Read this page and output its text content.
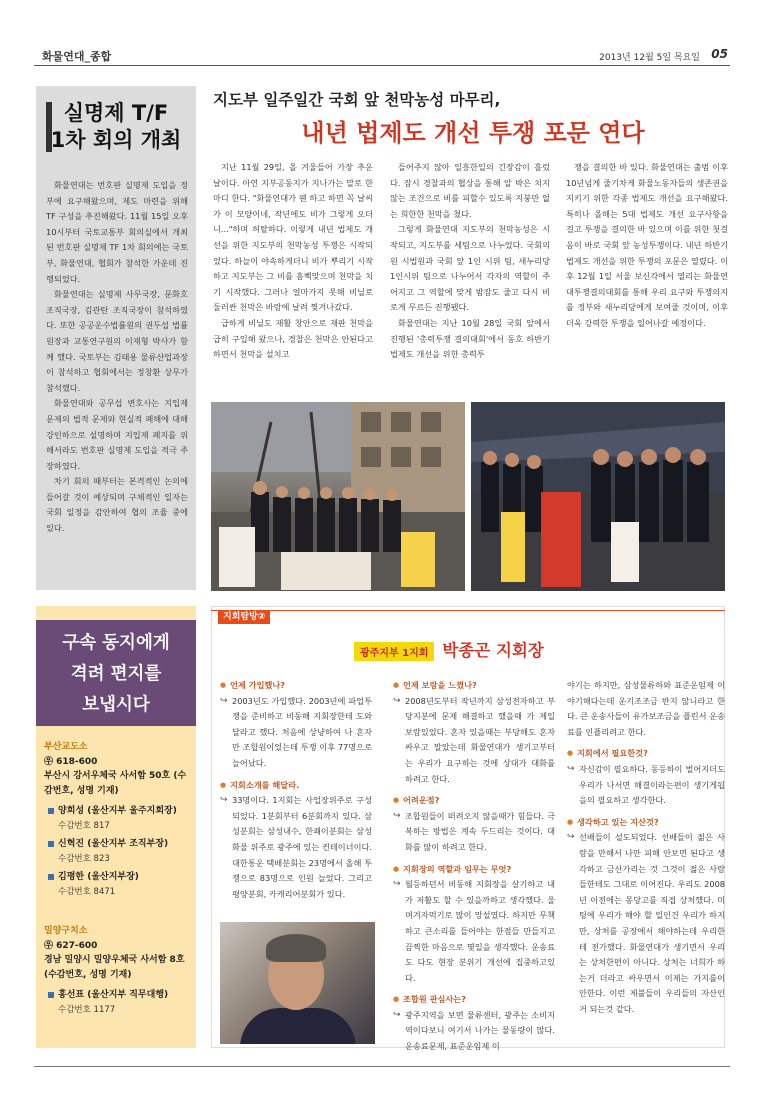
화물연대_종합	2013년 12월 5일 목요일 05
실명제 T/F
1차 회의 개최

화물연대는 번호판 실명제 도입을 정부에 요구해왔으며, 제도 마련을 위해 TF 구성을 추진해왔다. 11월 15일 오후 10시부터 국토교통부 회의실에서 개최된 번호판 실명제 TF 1차 회의에는 국토부, 화물연대, 협회가 참석한 가운데 진행되었다.

화물연대는 실명제 사무국장, 문화호 조직국장, 김관탄 조직국장이 참석하였다. 또한 공공운수법률원의 권두섭 법률원장과 교통연구원의 이재형 박사가 함께 했다. 국토부는 김태용 물류산업과장이 참석하고 협회에서는 정창환 상무가 참석했다.

화물연대와 공무섭 변호사는 지입제 문제의 법적 문제와 현실적 폐해에 대해 강인하으로 설명하며 지입제 폐지를 위해서라도 번호판 실명제 도입을 적극 주장하였다.

차기 회의 때부터는 본격적인 논의에 들어갈 것이 예상되며 구체적인 일자는 국회 일정을 감안하여 협의 조율 중에 있다.

지도부 일주일간 국회 앞 천막농성 마무리,
내년 법제도 개선 투쟁 포문 연다

지난 11월 29일, 올 겨울들어 가장 추운 날이다. 아연 지부공동지가 지나가는 말로 한마디 한다. "화물연대가 웬 하고 하면 꼭 날씨가 이 모양이네, 작년에도 비가 그렇게 오더니..."하며 허탈하다. 이렇게 내년 법제도 개선을 위한 지도부의 천막농성 투쟁은 시작되었다. 하늘이 야속하게더니 비가 뿌리기 시작하고 지도부는 그 비를 흠뻑맞으며 천막을 치기 시작했다. 그러나 얼마가지 못해 비닐로 둘러싼 천막은 바람에 날려 찢겨나갔다.

급하게 비닐도 재활 창안으로 재판 천막을 급히 구입해 왔으나, 경찰은 천막은 안된다고 하면서 천막을 설치고

들어주지 않아 일흥한일의 긴장감이 흘렀다. 잠시 경찰과의 협상을 통해 알 박은 치지 않는 조건으로 비를 피할수 있도록 지붕만 없는 희한한 천막을 쳤다.

그렇게 화물연대 지도부의 천막농성은 시작되고, 지도부를 세팀으로 나누었다. 국회의원 시법원과 국회 앞 1인 시위 팀, 새누리당 1인시위 팀으로 나누어서 각자의 역할이 주어지고 그 역할에 맞게 밤잠도 줄고 다시 비로게 무르든 진행됐다.

화물연대는 지난 10월 28일 국회 앞에서 진행된 '총력투쟁 결의대회'에서 동호 하반기 법제도 개선을 위한 총력투

쟁을 결의한 바 있다. 화물연대는 출범 이후 10년넘게 줄기차게 화물노동자들의 생존권을 지키기 위한 각종 법제도 개선을 요구해왔다. 특히나 올해는 5대 법제도 개선 요구사항을 걸고 투쟁을 결의한 바 있으며 이를 위한 첫걸음이 바로 국회 앞 농성투쟁이다. 내년 하반기 법제도 개선을 위한 투쟁의 포문은 열렸다. 이후 12월 1일 서울 보신각에서 열리는 화물연대투쟁결의대회를 통해 우리 요구와 투쟁의지를 정부와 새누리당에게 보여줄 것이며, 이후 더욱 강력한 투쟁을 일어나갈 예정이다.

구속 동지에게
격려 편지를
보냅시다
부산교도소
㉾ 618-600
부산시 강서우체국 사서함 50호 (수감번호, 성명 기재)
양희성 (울산지부 울주지회장)
수감번호 817
신혁진 (울산지부 조직부장)
수감번호 823
김평한 (울산지부장)
수감번호 8471
밀양구치소
㉾ 627-600
경남 밀양시 밀양우체국 사서함 8호 (수감번호, 성명 기재)
홍선표 (울산지부 직무대행)
수감번호 1177
지회탐방②
광주지부 1지회 박종곤 지회장
● 언제 가입했나?
↪ 2003년도 가입했다. 2003년에 파업투쟁을 준비하고 비동해 지회장한테 도와달라고 했다. 처음에 상냥하여 나 혼자만 조합원이었는데 투쟁 이후 77명으로 늘어났다.
● 지회소개를 해달라.
↪ 33명이다. 1지회는 사업장위주로 구성되었다. 1분회부터 6분회까지 있다. 삼성분회는 삼성내수, 한쾌이분회는 삼성화물 위주로 광주에 있는 컨테이너이다. 대한통운 택배분회는 23명에서 올해 투쟁으로 83명으로 인원 늘었다. 그리고 평양분회, 카캐리어분회가 있다.
● 언제 보람을 느꼈나?
↪ 2008년도부터 작년까지 삼성전자하고 부당지분에 문제 해결하고 했을때 가 제일 보람있었다. 혼자 있을때는 부당해도 혼자 싸우고 말았는데 화물연대가 생기고부터는 우리가 요구하는 것에 상대가 대화를 하려고 한다.
● 어려운점?
↪ 조합원들이 떠려오지 않을때가 힘들다. 극복하는 방법은 계속 두드리는 것이다. 대화를 많이 하려고 한다.
● 지회장의 역할과 임무는 무엇?
↪ 월등하던서 비동해 지회장을 살기하고 내가 저활도 할 수 있을까하고 생각했다. 울며겨자먹기로 많이 망설였다. 하지만 무책하고 큰소리를 들어야는 한점들 만들지고 끔찍한 마음으로 몇일을 생각했다. 운송료도 다도 현장 분위기 개선에 집중하고있다.
● 조합원 관심사는?
↪ 광주지역을 보면 물류센터, 광주는 소비지역이다보니 여기서 나가는 물동량이 많다. 운송료문제, 표준운임제 이
야기는 하지만, 삼성물류하와 표준운임제 이야기해다는데 운기조조금 반지 않니라고 한다. 큰 운송사들이 유가보조금을 플린서 운송료를 인플리려고 한다.
● 지회에서 필요한것?
↪ 자신감이 필요하다. 동등하이 벌어지더도 우리가 나서면 해결이라는편이 생기게됩을의 필요하고 생각한다.
● 생각하고 있는 지산것?
↪ 선배들이 설도되었다. 선배들이 젊은 사람을 만해서 나만 피해 안보면 된다고 생각하고 금산가리는 것 그것이 젊은 사람들한테도 그대로 이어진다. 우리도 2008년 이전에는 몽당고를 직접 상처했다. 미팅에 우리가 해야 할 일인건 우리가 하지만, 상처를 공장에서 해야하는데 우리한테 전가했다. 화물연대가 생기면서 우리는 상처한편이 아니다. 상처는 너희가 하는거 더라고 싸우면서 이제는 가지를이 안한다. 이런 제불들이 우리들의 자산인 거 되는것 같다.
